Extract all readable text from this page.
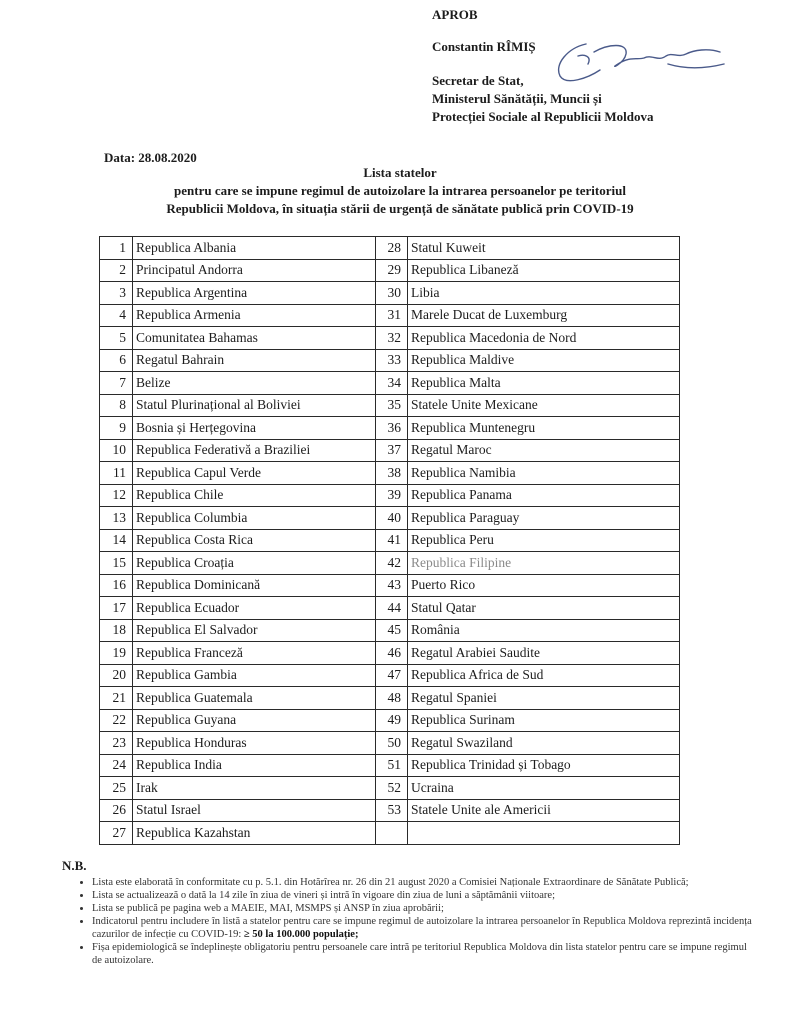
APROB
Constantin RÎMIȘ
Secretar de Stat,
Ministerul Sănătății, Muncii și
Protecției Sociale al Republicii Moldova
Data: 28.08.2020
Lista statelor
pentru care se impune regimul de autoizolare la intrarea persoanelor pe teritoriul
Republicii Moldova, în situația stării de urgență de sănătate publică prin COVID-19
1	Republica Albania	28	Statul Kuweit
2	Principatul Andorra	29	Republica Libaneză
3	Republica Argentina	30	Libia
4	Republica Armenia	31	Marele Ducat de Luxemburg
5	Comunitatea Bahamas	32	Republica Macedonia de Nord
6	Regatul Bahrain	33	Republica Maldive
7	Belize	34	Republica Malta
8	Statul Plurinațional al Boliviei	35	Statele Unite Mexicane
9	Bosnia și Herțegovina	36	Republica Muntenegru
10	Republica Federativă a Braziliei	37	Regatul Maroc
11	Republica Capul Verde	38	Republica Namibia
12	Republica Chile	39	Republica Panama
13	Republica Columbia	40	Republica Paraguay
14	Republica Costa Rica	41	Republica Peru
15	Republica Croația	42	Republica Filipine
16	Republica Dominicană	43	Puerto Rico
17	Republica Ecuador	44	Statul Qatar
18	Republica El Salvador	45	România
19	Republica Franceză	46	Regatul Arabiei Saudite
20	Republica Gambia	47	Republica Africa de Sud
21	Republica Guatemala	48	Regatul Spaniei
22	Republica Guyana	49	Republica Surinam
23	Republica Honduras	50	Regatul Swaziland
24	Republica India	51	Republica Trinidad și Tobago
25	Irak	52	Ucraina
26	Statul Israel	53	Statele Unite ale Americii
27	Republica Kazahstan		
N.B.
• Lista este elaborată în conformitate cu p. 5.1. din Hotărîrea nr. 26 din 21 august 2020 a Comisiei Naționale Extraordinare de Sănătate Publică;
• Lista se actualizează o dată la 14 zile în ziua de vineri și intră în vigoare din ziua de luni a săptămânii viitoare;
• Lista se publică pe pagina web a MAEIE, MAI, MSMPS și ANSP în ziua aprobării;
• Indicatorul pentru includere în listă a statelor pentru care se impune regimul de autoizolare la intrarea persoanelor în Republica Moldova reprezintă incidența cazurilor de infecție cu COVID-19: ≥ 50 la 100.000 populație;
• Fișa epidemiologică se îndeplinește obligatoriu pentru persoanele care intră pe teritoriul Republica Moldova din lista statelor pentru care se impune regimul de autoizolare.
